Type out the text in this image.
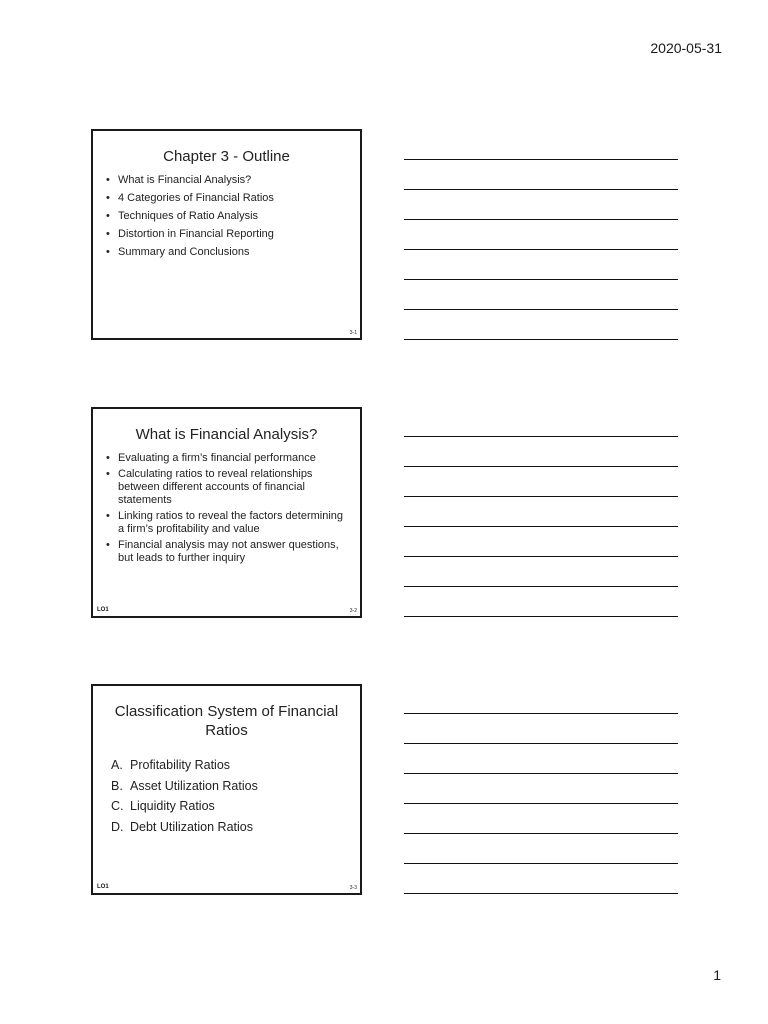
2020-05-31
Chapter 3 - Outline
• What is Financial Analysis?
• 4 Categories of Financial Ratios
• Techniques of Ratio Analysis
• Distortion in Financial Reporting
• Summary and Conclusions
3-1
What is Financial Analysis?
• Evaluating a firm’s financial performance
• Calculating ratios to reveal relationships between different accounts of financial statements
• Linking ratios to reveal the factors determining a firm’s profitability and value
• Financial analysis may not answer questions, but leads to further inquiry
LO1	3-2
Classification System of Financial Ratios
A. Profitability Ratios
B. Asset Utilization Ratios
C. Liquidity Ratios
D. Debt Utilization Ratios
LO1	3-3
1
